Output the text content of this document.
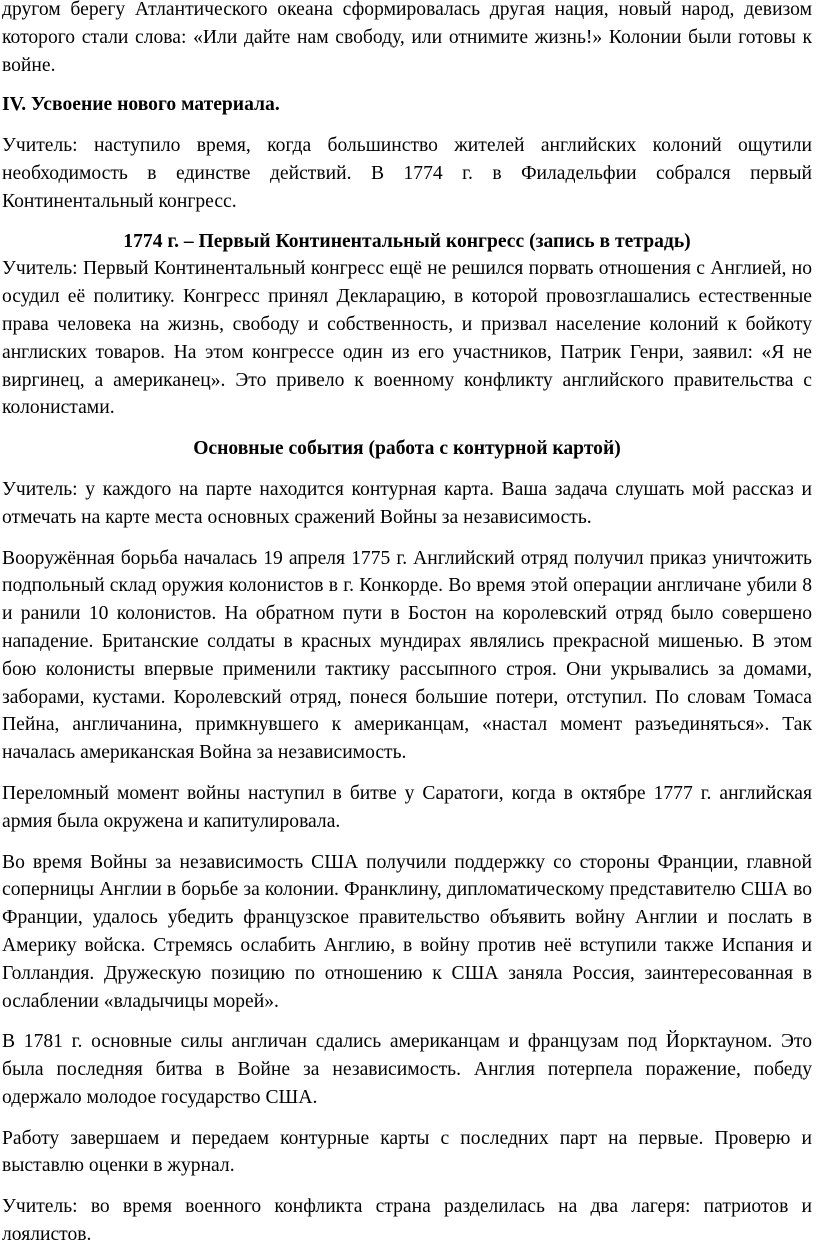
другом берегу Атлантического океана сформировалась другая нация, новый народ, девизом которого стали слова: «Или дайте нам свободу, или отнимите жизнь!» Колонии были готовы к войне.

IV. Усвоение нового материала.

Учитель: наступило время, когда большинство жителей английских колоний ощутили необходимость в единстве действий. В 1774 г. в Филадельфии собрался первый Континентальный конгресс.

1774 г. – Первый Континентальный конгресс (запись в тетрадь)

Учитель: Первый Континентальный конгресс ещё не решился порвать отношения с Англией, но осудил её политику. Конгресс принял Декларацию, в которой провозглашались естественные права человека на жизнь, свободу и собственность, и призвал население колоний к бойкоту англиских товаров. На этом конгрессе один из его участников, Патрик Генри, заявил: «Я не виргинец, а американец». Это привело к военному конфликту английского правительства с колонистами.

Основные события (работа с контурной картой)

Учитель: у каждого на парте находится контурная карта. Ваша задача слушать мой рассказ и отмечать на карте места основных сражений Войны за независимость.

Вооружённая борьба началась 19 апреля 1775 г. Английский отряд получил приказ уничтожить подпольный склад оружия колонистов в г. Конкорде. Во время этой операции англичане убили 8 и ранили 10 колонистов. На обратном пути в Бостон на королевский отряд было совершено нападение. Британские солдаты в красных мундирах являлись прекрасной мишенью. В этом бою колонисты впервые применили тактику рассыпного строя. Они укрывались за домами, заборами, кустами. Королевский отряд, понеся большие потери, отступил. По словам Томаса Пейна, англичанина, примкнувшего к американцам, «настал момент разъединяться». Так началась американская Война за независимость.

Переломный момент войны наступил в битве у Саратоги, когда в октябре 1777 г. английская армия была окружена и капитулировала.

Во время Войны за независимость США получили поддержку со стороны Франции, главной соперницы Англии в борьбе за колонии. Франклину, дипломатическому представителю США во Франции, удалось убедить французское правительство объявить войну Англии и послать в Америку войска. Стремясь ослабить Англию, в войну против неё вступили также Испания и Голландия. Дружескую позицию по отношению к США заняла Россия, заинтересованная в ослаблении «владычицы морей».

В 1781 г. основные силы англичан сдались американцам и французам под Йорктауном. Это была последняя битва в Войне за независимость. Англия потерпела поражение, победу одержало молодое государство США.

Работу завершаем и передаем контурные карты с последних парт на первые. Проверю и выставлю оценки в журнал.

Учитель: во время военного конфликта страна разделилась на два лагеря: патриотов и лоялистов.
